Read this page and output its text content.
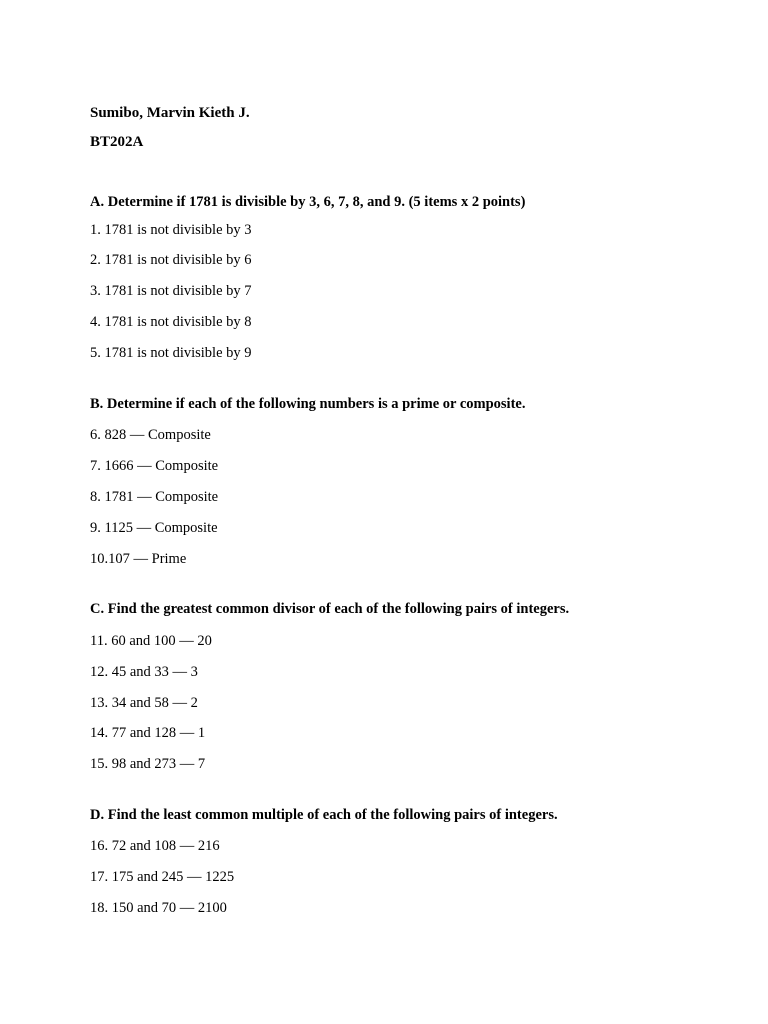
Sumibo, Marvin Kieth J.
BT202A
A. Determine if 1781 is divisible by 3, 6, 7, 8, and 9. (5 items x 2 points)
1. 1781 is not divisible by 3
2. 1781 is not divisible by 6
3. 1781 is not divisible by 7
4. 1781 is not divisible by 8
5. 1781 is not divisible by 9
B. Determine if each of the following numbers is a prime or composite.
6. 828 — Composite
7. 1666 — Composite
8. 1781 — Composite
9. 1125 — Composite
10.107 — Prime
C. Find the greatest common divisor of each of the following pairs of integers.
11. 60 and 100 — 20
12. 45 and 33 — 3
13. 34 and 58 — 2
14. 77 and 128 — 1
15. 98 and 273 — 7
D. Find the least common multiple of each of the following pairs of integers.
16. 72 and 108 — 216
17. 175 and 245 — 1225
18. 150 and 70 — 2100
